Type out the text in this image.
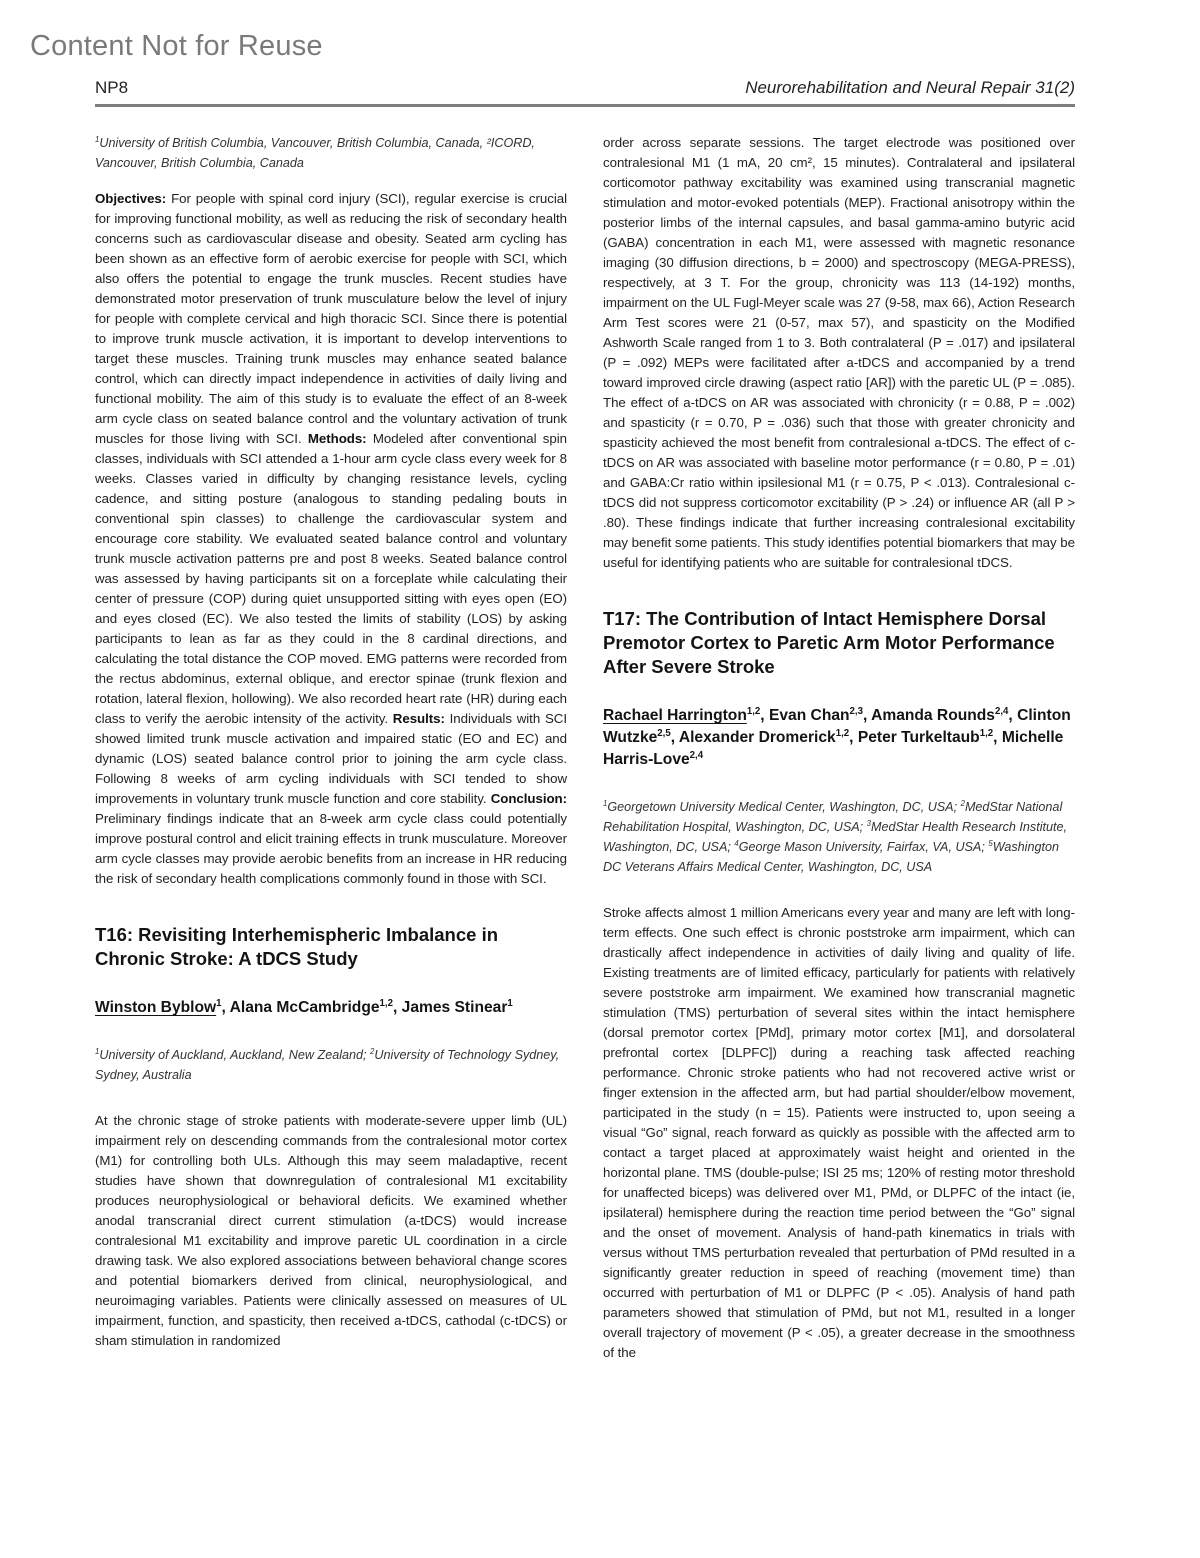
Content Not for Reuse
NP8	Neurorehabilitation and Neural Repair 31(2)

$^1$University of British Columbia, Vancouver, British Columbia, Canada, ²ICORD, Vancouver, British Columbia, Canada

Objectives: For people with spinal cord injury (SCI), regular exercise is crucial for improving functional mobility, as well as reducing the risk of secondary health concerns such as cardiovascular disease and obesity. Seated arm cycling has been shown as an effective form of aerobic exercise for people with SCI, which also offers the potential to engage the trunk muscles. Recent studies have demonstrated motor preservation of trunk musculature below the level of injury for people with complete cervical and high thoracic SCI. Since there is potential to improve trunk muscle activation, it is important to develop interventions to target these muscles. Training trunk muscles may enhance seated balance control, which can directly impact independence in activities of daily living and functional mobility. The aim of this study is to evaluate the effect of an 8-week arm cycle class on seated balance control and the voluntary activation of trunk muscles for those living with SCI. Methods: Modeled after conventional spin classes, individuals with SCI attended a 1-hour arm cycle class every week for 8 weeks. Classes varied in difficulty by changing resistance levels, cycling cadence, and sitting posture (analogous to standing pedaling bouts in conventional spin classes) to challenge the cardiovascular system and encourage core stability. We evaluated seated balance control and voluntary trunk muscle activation patterns pre and post 8 weeks. Seated balance control was assessed by having participants sit on a forceplate while calculating their center of pressure (COP) during quiet unsupported sitting with eyes open (EO) and eyes closed (EC). We also tested the limits of stability (LOS) by asking participants to lean as far as they could in the 8 cardinal directions, and calculating the total distance the COP moved. EMG patterns were recorded from the rectus abdominus, external oblique, and erector spinae (trunk flexion and rotation, lateral flexion, hollowing). We also recorded heart rate (HR) during each class to verify the aerobic intensity of the activity. Results: Individuals with SCI showed limited trunk muscle activation and impaired static (EO and EC) and dynamic (LOS) seated balance control prior to joining the arm cycle class. Following 8 weeks of arm cycling individuals with SCI tended to show improvements in voluntary trunk muscle function and core stability. Conclusion: Preliminary findings indicate that an 8-week arm cycle class could potentially improve postural control and elicit training effects in trunk musculature. Moreover arm cycle classes may provide aerobic benefits from an increase in HR reducing the risk of secondary health complications commonly found in those with SCI.

T16: Revisiting Interhemispheric Imbalance in Chronic Stroke: A tDCS Study

Winston Byblow$^1$, Alana McCambridge$^{1,2}$, James Stinear$^1$

$^1$University of Auckland, Auckland, New Zealand; $^2$University of Technology Sydney, Sydney, Australia

At the chronic stage of stroke patients with moderate-severe upper limb (UL) impairment rely on descending commands from the contralesional motor cortex (M1) for controlling both ULs. Although this may seem maladaptive, recent studies have shown that downregulation of contralesional M1 excitability produces neurophysiological or behavioral deficits. We examined whether anodal transcranial direct current stimulation (a-tDCS) would increase contralesional M1 excitability and improve paretic UL coordination in a circle drawing task. We also explored associations between behavioral change scores and potential biomarkers derived from clinical, neurophysiological, and neuroimaging variables. Patients were clinically assessed on measures of UL impairment, function, and spasticity, then received a-tDCS, cathodal (c-tDCS) or sham stimulation in randomized

order across separate sessions. The target electrode was positioned over contralesional M1 (1 mA, 20 cm², 15 minutes). Contralateral and ipsilateral corticomotor pathway excitability was examined using transcranial magnetic stimulation and motor-evoked potentials (MEP). Fractional anisotropy within the posterior limbs of the internal capsules, and basal gamma-amino butyric acid (GABA) concentration in each M1, were assessed with magnetic resonance imaging (30 diffusion directions, b = 2000) and spectroscopy (MEGA-PRESS), respectively, at 3 T. For the group, chronicity was 113 (14-192) months, impairment on the UL Fugl-Meyer scale was 27 (9-58, max 66), Action Research Arm Test scores were 21 (0-57, max 57), and spasticity on the Modified Ashworth Scale ranged from 1 to 3. Both contralateral (P = .017) and ipsilateral (P = .092) MEPs were facilitated after a-tDCS and accompanied by a trend toward improved circle drawing (aspect ratio [AR]) with the paretic UL (P = .085). The effect of a-tDCS on AR was associated with chronicity (r = 0.88, P = .002) and spasticity (r = 0.70, P = .036) such that those with greater chronicity and spasticity achieved the most benefit from contralesional a-tDCS. The effect of c-tDCS on AR was associated with baseline motor performance (r = 0.80, P = .01) and GABA:Cr ratio within ipsilesional M1 (r = 0.75, P < .013). Contralesional c-tDCS did not suppress corticomotor excitability (P > .24) or influence AR (all P > .80). These findings indicate that further increasing contralesional excitability may benefit some patients. This study identifies potential biomarkers that may be useful for identifying patients who are suitable for contralesional tDCS.

T17: The Contribution of Intact Hemisphere Dorsal Premotor Cortex to Paretic Arm Motor Performance After Severe Stroke

Rachael Harrington$^{1,2}$, Evan Chan$^{2,3}$, Amanda Rounds$^{2,4}$, Clinton Wutzke$^{2,5}$, Alexander Dromerick$^{1,2}$, Peter Turkeltaub$^{1,2}$, Michelle Harris-Love$^{2,4}$

$^1$Georgetown University Medical Center, Washington, DC, USA; $^2$MedStar National Rehabilitation Hospital, Washington, DC, USA; $^3$MedStar Health Research Institute, Washington, DC, USA; $^4$George Mason University, Fairfax, VA, USA; $^5$Washington DC Veterans Affairs Medical Center, Washington, DC, USA

Stroke affects almost 1 million Americans every year and many are left with long-term effects. One such effect is chronic poststroke arm impairment, which can drastically affect independence in activities of daily living and quality of life. Existing treatments are of limited efficacy, particularly for patients with relatively severe poststroke arm impairment. We examined how transcranial magnetic stimulation (TMS) perturbation of several sites within the intact hemisphere (dorsal premotor cortex [PMd], primary motor cortex [M1], and dorsolateral prefrontal cortex [DLPFC]) during a reaching task affected reaching performance. Chronic stroke patients who had not recovered active wrist or finger extension in the affected arm, but had partial shoulder/elbow movement, participated in the study (n = 15). Patients were instructed to, upon seeing a visual “Go” signal, reach forward as quickly as possible with the affected arm to contact a target placed at approximately waist height and oriented in the horizontal plane. TMS (double-pulse; ISI 25 ms; 120% of resting motor threshold for unaffected biceps) was delivered over M1, PMd, or DLPFC of the intact (ie, ipsilateral) hemisphere during the reaction time period between the “Go” signal and the onset of movement. Analysis of hand-path kinematics in trials with versus without TMS perturbation revealed that perturbation of PMd resulted in a significantly greater reduction in speed of reaching (movement time) than occurred with perturbation of M1 or DLPFC (P < .05). Analysis of hand path parameters showed that stimulation of PMd, but not M1, resulted in a longer overall trajectory of movement (P < .05), a greater decrease in the smoothness of the
